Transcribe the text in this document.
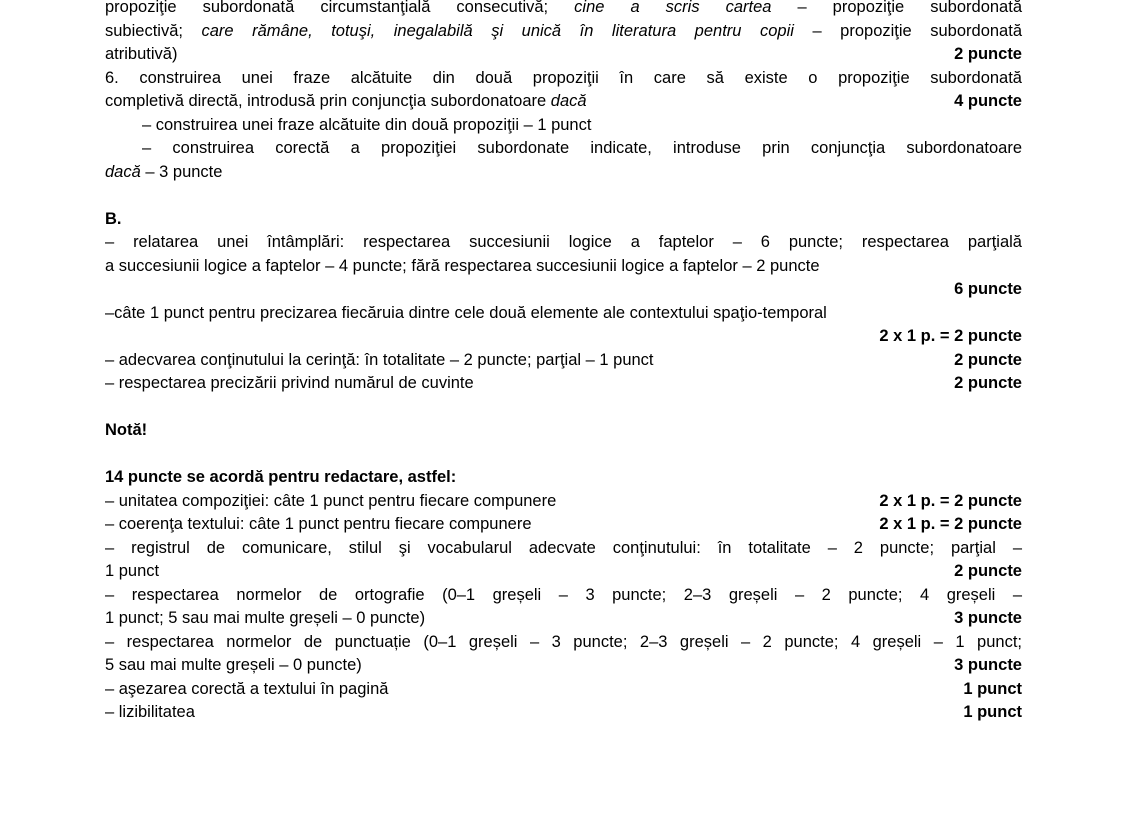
propoziţie subordonată circumstanţială consecutivă; cine a scris cartea – propoziţie subordonată
subiectivă; care rămâne, totuşi, inegalabilă şi unică în literatura pentru copii – propoziţie subordonată
atributivă)	2 puncte
6. construirea unei fraze alcătuite din două propoziţii în care să existe o propoziţie subordonată
completivă directă, introdusă prin conjuncţia subordonatoare dacă	4 puncte
– construirea unei fraze alcătuite din două propoziţii – 1 punct
– construirea corectă a propoziţiei subordonate indicate, introduse prin conjuncţia subordonatoare
dacă – 3 puncte
B.
– relatarea unei întâmplări: respectarea succesiunii logice a faptelor – 6 puncte; respectarea parţială
a succesiunii logice a faptelor – 4 puncte; fără respectarea succesiunii logice a faptelor – 2 puncte
6 puncte
–câte 1 punct pentru precizarea fiecăruia dintre cele două elemente ale contextului spaţio-temporal
2 x 1 p. = 2 puncte
– adecvarea conţinutului la cerinţă: în totalitate – 2 puncte; parţial – 1 punct	2 puncte
– respectarea precizării privind numărul de cuvinte	2 puncte
Notă!
14 puncte se acordă pentru redactare, astfel:
– unitatea compoziţiei: câte 1 punct pentru fiecare compunere	2 x 1 p. = 2 puncte
– coerenţa textului: câte 1 punct pentru fiecare compunere	2 x 1 p. = 2 puncte
– registrul de comunicare, stilul şi vocabularul adecvate conţinutului: în totalitate – 2 puncte; parţial –
1 punct	2 puncte
– respectarea normelor de ortografie (0–1 greșeli – 3 puncte; 2–3 greșeli – 2 puncte; 4 greșeli –
1 punct; 5 sau mai multe greșeli – 0 puncte)	3 puncte
– respectarea normelor de punctuație (0–1 greșeli – 3 puncte; 2–3 greșeli – 2 puncte; 4 greșeli – 1 punct;
5 sau mai multe greșeli – 0 puncte)	3 puncte
– aşezarea corectă a textului în pagină	1 punct
– lizibilitatea	1 punct
